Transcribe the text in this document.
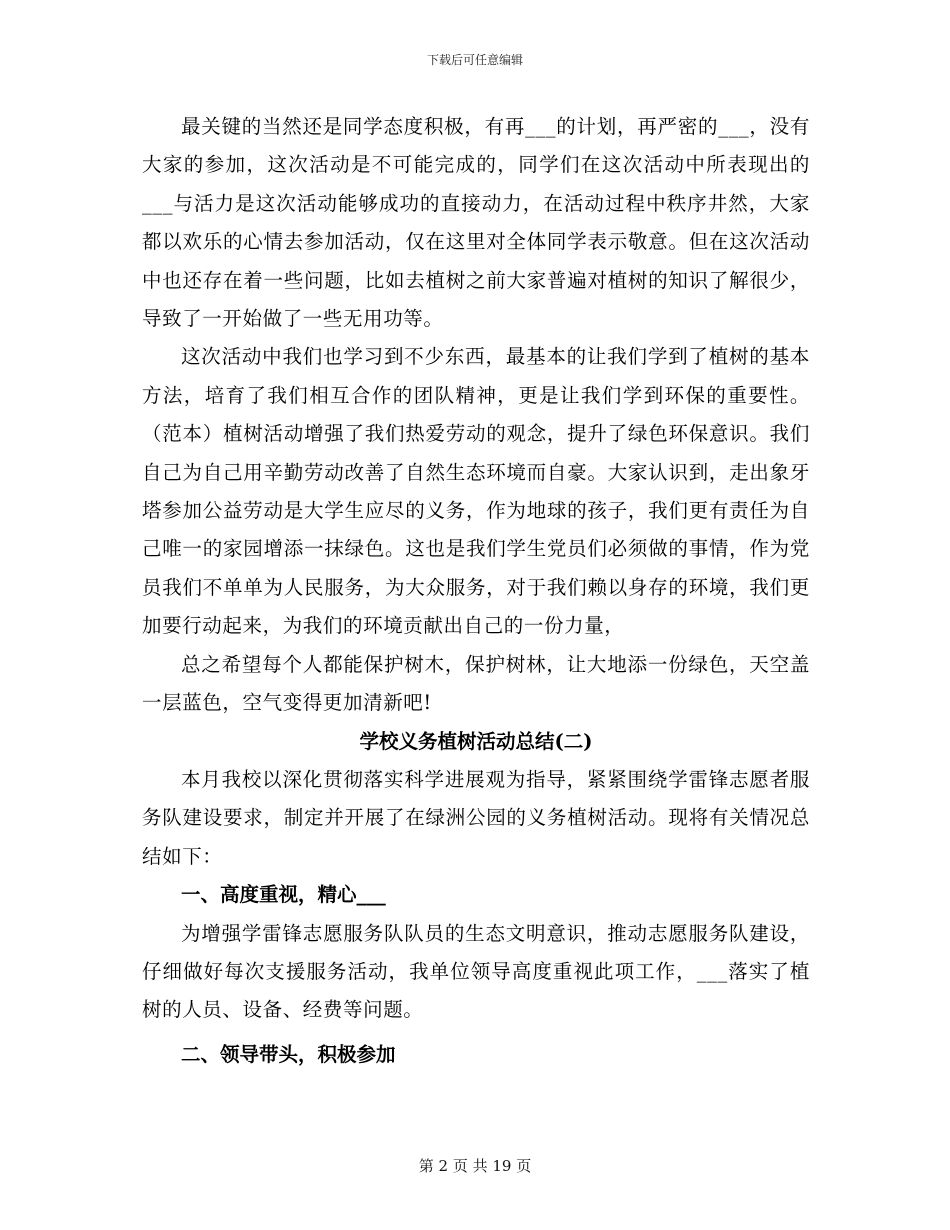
下载后可任意编辑

最关键的当然还是同学态度积极，有再___的计划，再严密的___，没有大家的参加，这次活动是不可能完成的，同学们在这次活动中所表现出的___与活力是这次活动能够成功的直接动力，在活动过程中秩序井然，大家都以欢乐的心情去参加活动，仅在这里对全体同学表示敬意。但在这次活动中也还存在着一些问题，比如去植树之前大家普遍对植树的知识了解很少，导致了一开始做了一些无用功等。

这次活动中我们也学习到不少东西，最基本的让我们学到了植树的基本方法，培育了我们相互合作的团队精神，更是让我们学到环保的重要性。（范本）植树活动增强了我们热爱劳动的观念，提升了绿色环保意识。我们自己为自己用辛勤劳动改善了自然生态环境而自豪。大家认识到，走出象牙塔参加公益劳动是大学生应尽的义务，作为地球的孩子，我们更有责任为自己唯一的家园增添一抹绿色。这也是我们学生党员们必须做的事情，作为党员我们不单单为人民服务，为大众服务，对于我们赖以身存的环境，我们更加要行动起来，为我们的环境贡献出自己的一份力量，

总之希望每个人都能保护树木，保护树林，让大地添一份绿色，天空盖一层蓝色，空气变得更加清新吧!

学校义务植树活动总结(二)

本月我校以深化贯彻落实科学进展观为指导，紧紧围绕学雷锋志愿者服务队建设要求，制定并开展了在绿洲公园的义务植树活动。现将有关情况总结如下：

一、高度重视，精心___

为增强学雷锋志愿服务队队员的生态文明意识，推动志愿服务队建设，仔细做好每次支援服务活动，我单位领导高度重视此项工作，___落实了植树的人员、设备、经费等问题。

二、领导带头，积极参加

第 2 页 共 19 页
